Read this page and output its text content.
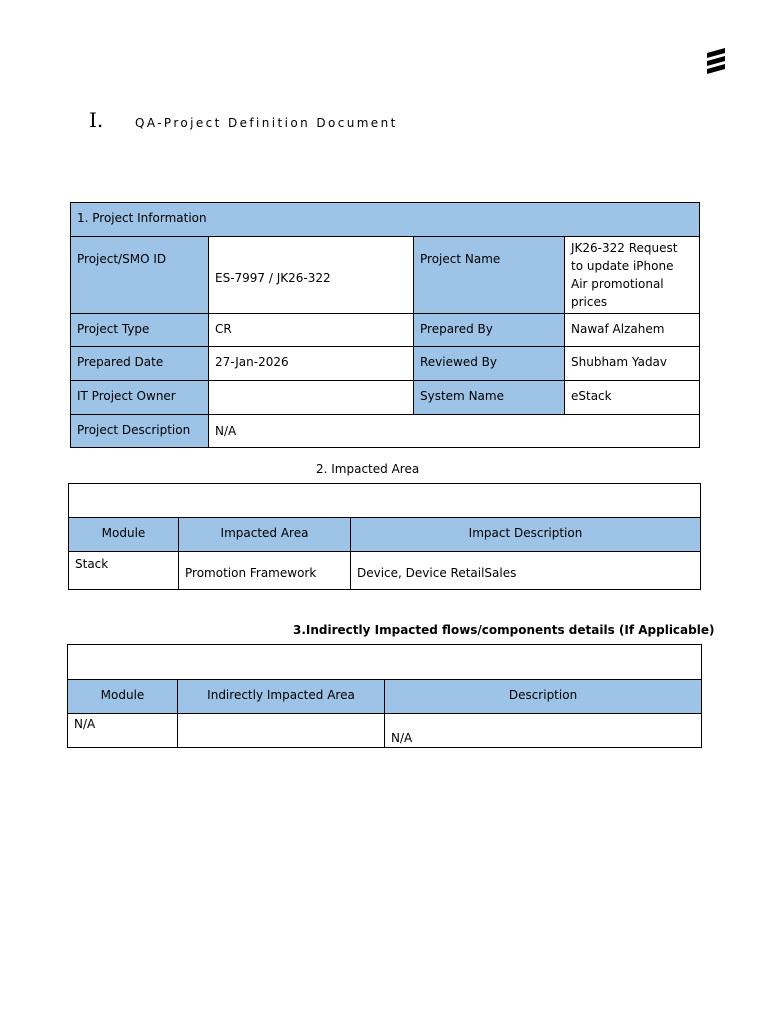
I.	QA-Project Definition Document
1. Project Information			
Project/SMO ID	ES-7997 / JK26-322	Project Name	JK26-322 Request to update iPhone Air promotional prices
Project Type	CR	Prepared By	Nawaf Alzahem
Prepared Date	27-Jan-2026	Reviewed By	Shubham Yadav
IT Project Owner		System Name	eStack
Project Description	N/A		
2. Impacted Area

Module	Impacted Area	Impact Description
Stack	Promotion Framework	Device, Device RetailSales
3.Indirectly Impacted flows/components details (If Applicable)

Module	Indirectly Impacted Area	Description
N/A		N/A
